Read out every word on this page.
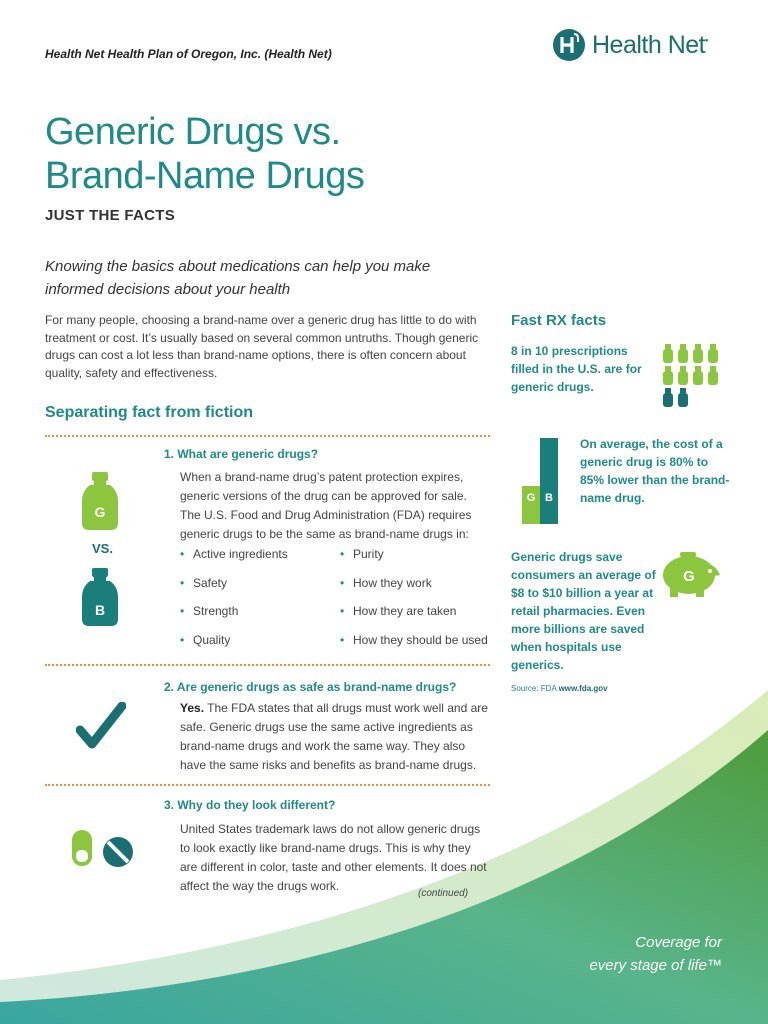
Health Net Health Plan of Oregon, Inc. (Health Net)	Health Net•
Generic Drugs vs.
Brand-Name Drugs
JUST THE FACTS
Knowing the basics about medications can help you make informed decisions about your health
For many people, choosing a brand-name over a generic drug has little to do with treatment or cost. It’s usually based on several common untruths. Though generic drugs can cost a lot less than brand-name options, there is often concern about quality, safety and effectiveness.
Separating fact from fiction
1. What are generic drugs?
When a brand-name drug’s patent protection expires, generic versions of the drug can be approved for sale. The U.S. Food and Drug Administration (FDA) requires generic drugs to be the same as brand-name drugs in:
• Active ingredients	• Purity
• Safety	• How they work
• Strength	• How they are taken
• Quality	• How they should be used
G
VS.
B
2. Are generic drugs as safe as brand-name drugs?
Yes. The FDA states that all drugs must work well and are safe. Generic drugs use the same active ingredients as brand-name drugs and work the same way. They also have the same risks and benefits as brand-name drugs.
3. Why do they look different?
United States trademark laws do not allow generic drugs to look exactly like brand-name drugs. This is why they are different in color, taste and other elements. It does not affect the way the drugs work.
(continued)
Fast RX facts
8 in 10 prescriptions filled in the U.S. are for generic drugs.
G B
On average, the cost of a generic drug is 80% to 85% lower than the brand-name drug.
Generic drugs save consumers an average of $8 to $10 billion a year at retail pharmacies. Even more billions are saved when hospitals use generics.
G
Source: FDA www.fda.gov
Coverage for
every stage of life™
